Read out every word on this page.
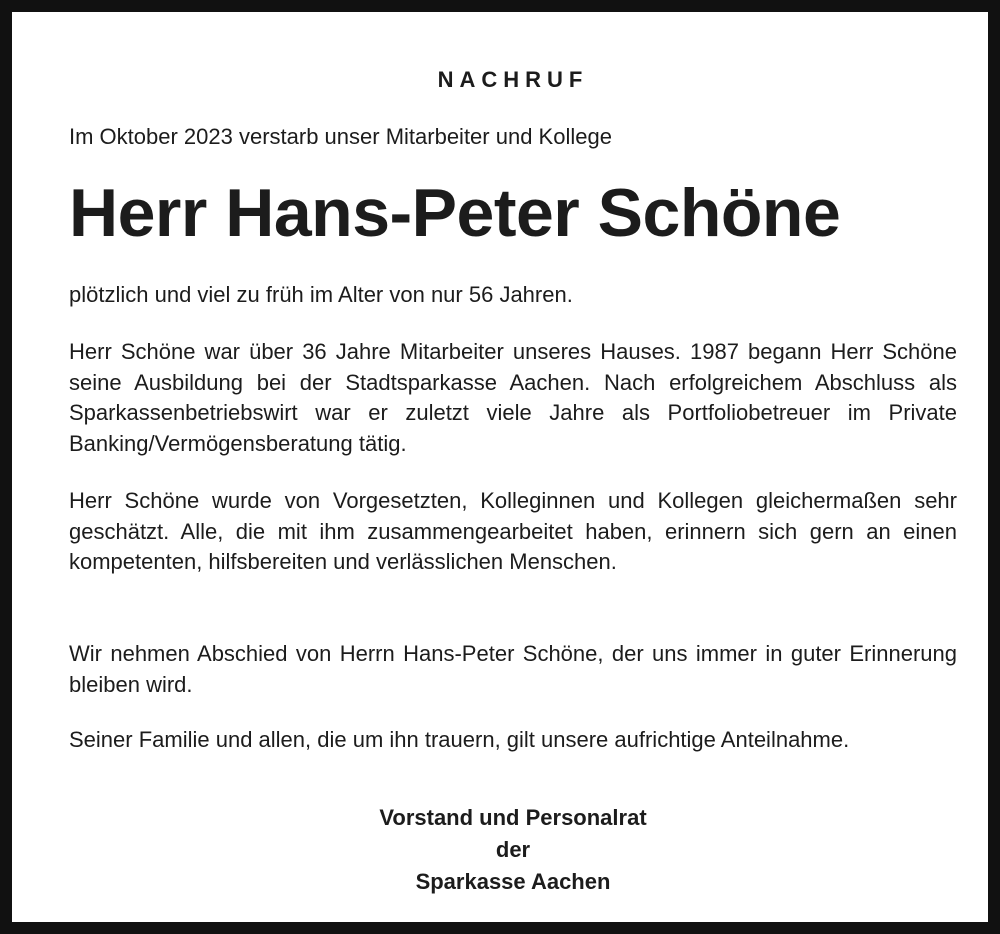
NACHRUF

Im Oktober 2023 verstarb unser Mitarbeiter und Kollege

Herr Hans-Peter Schöne

plötzlich und viel zu früh im Alter von nur 56 Jahren.

Herr Schöne war über 36 Jahre Mitarbeiter unseres Hauses. 1987 begann Herr Schöne seine Ausbildung bei der Stadtsparkasse Aachen. Nach erfolgreichem Abschluss als Sparkassenbetriebswirt war er zuletzt viele Jahre als Portfoliobetreuer im Private Banking/Vermögensberatung tätig.

Herr Schöne wurde von Vorgesetzten, Kolleginnen und Kollegen gleichermaßen sehr geschätzt. Alle, die mit ihm zusammengearbeitet haben, erinnern sich gern an einen kompetenten, hilfsbereiten und verlässlichen Menschen.

Wir nehmen Abschied von Herrn Hans-Peter Schöne, der uns immer in guter Erinnerung bleiben wird.

Seiner Familie und allen, die um ihn trauern, gilt unsere aufrichtige Anteilnahme.

Vorstand und Personalrat
der
Sparkasse Aachen
